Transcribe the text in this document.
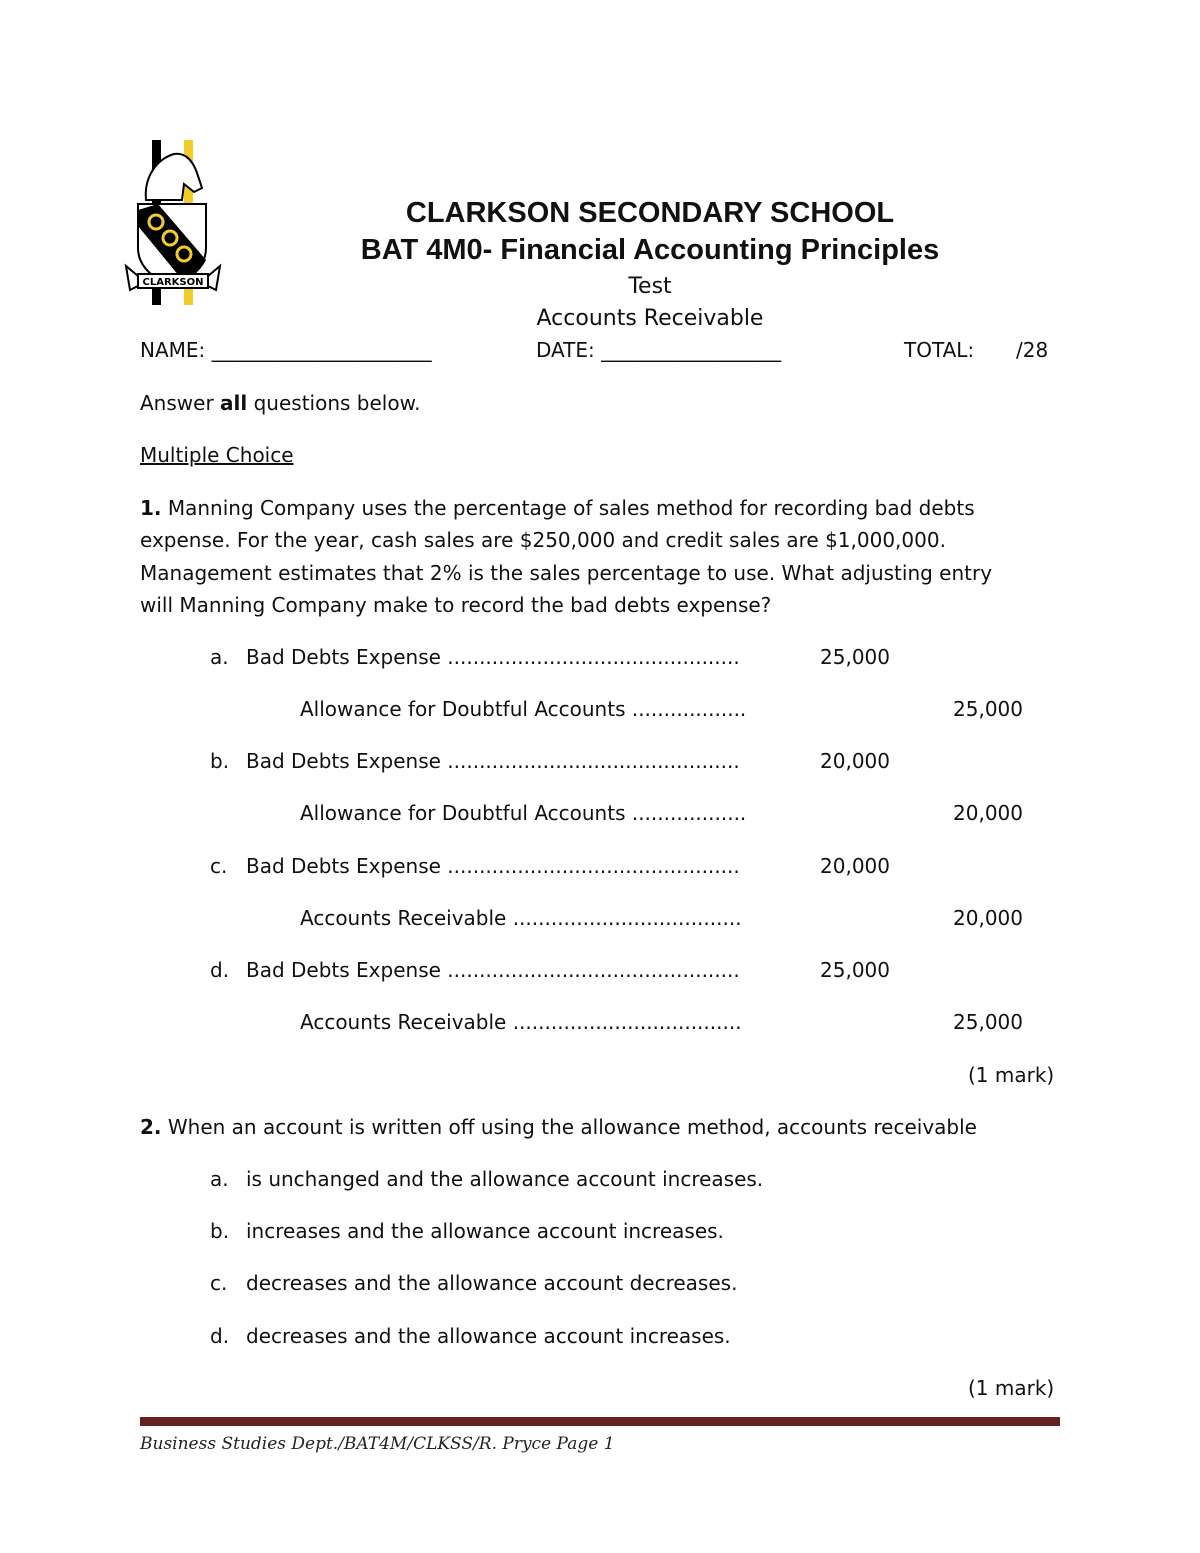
CLARKSON
CLARKSON SECONDARY SCHOOL
BAT 4M0- Financial Accounting Principles
Test
Accounts Receivable
NAME: ______________________	DATE: __________________	TOTAL: /28
Answer all questions below.
Multiple Choice
1. Manning Company uses the percentage of sales method for recording bad debts
expense. For the year, cash sales are $250,000 and credit sales are $1,000,000.
Management estimates that 2% is the sales percentage to use. What adjusting entry
will Manning Company make to record the bad debts expense?
a. Bad Debts Expense ..............................................	25,000
Allowance for Doubtful Accounts ..................	25,000
b. Bad Debts Expense ..............................................	20,000
Allowance for Doubtful Accounts ..................	20,000
c. Bad Debts Expense ..............................................	20,000
Accounts Receivable ....................................	20,000
d. Bad Debts Expense ..............................................	25,000
Accounts Receivable ....................................	25,000
(1 mark)
2. When an account is written off using the allowance method, accounts receivable
a. is unchanged and the allowance account increases.
b. increases and the allowance account increases.
c. decreases and the allowance account decreases.
d. decreases and the allowance account increases.
(1 mark)
Business Studies Dept./BAT4M/CLKSS/R. Pryce Page 1
